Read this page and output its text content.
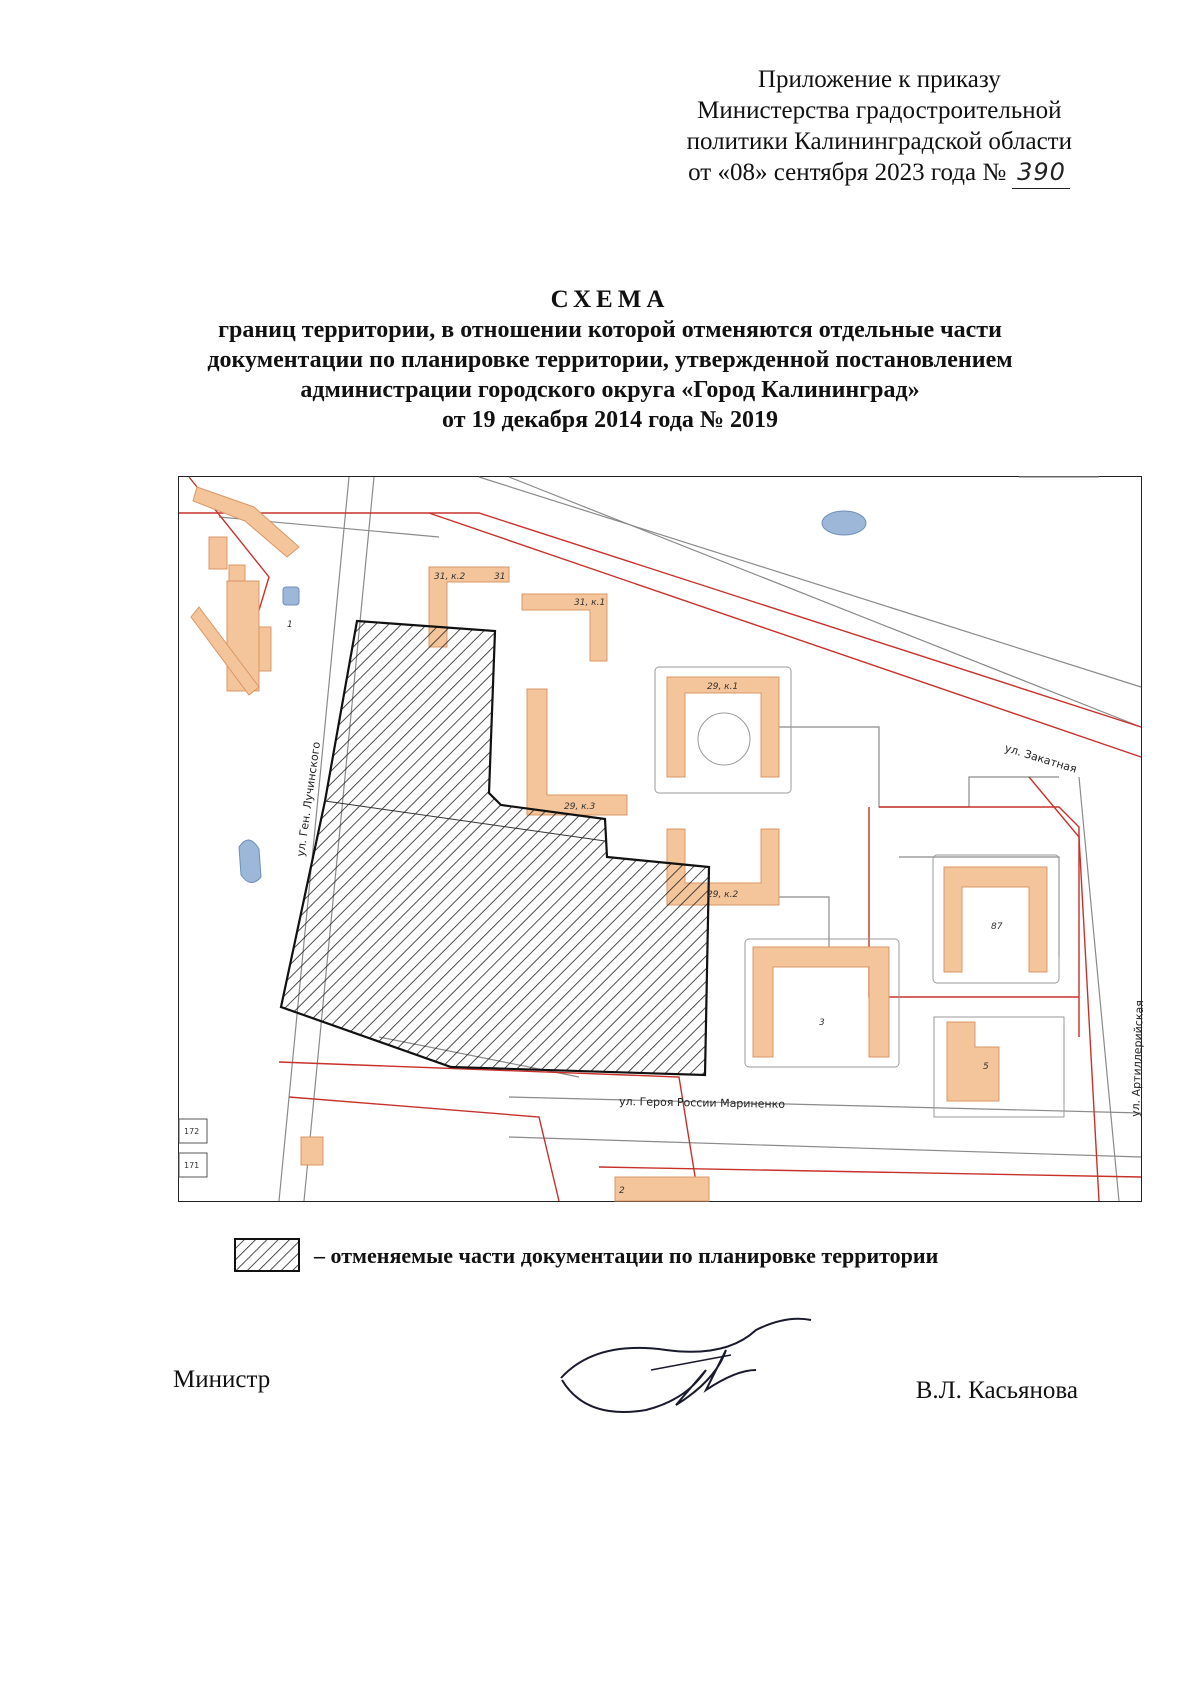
Приложение к приказу
Министерства градостроительной
политики Калининградской области
от «08» сентября 2023 года № 390
СХЕМА
границ территории, в отношении которой отменяются отдельные части
документации по планировке территории, утвержденной постановлением
администрации городского округа «Город Калининград»
от 19 декабря 2014 года № 2019
ул. Ген. Лучинского	ул. Закатная
ул. Героя России Мариненко	ул. Артиллерийская
31, к.2	31
31, к.1
29, к.1
29, к.3
29, к.2
87
3
5
2
1
172
171
– отменяемые части документации по планировке территории
Министр	В.Л. Касьянова
